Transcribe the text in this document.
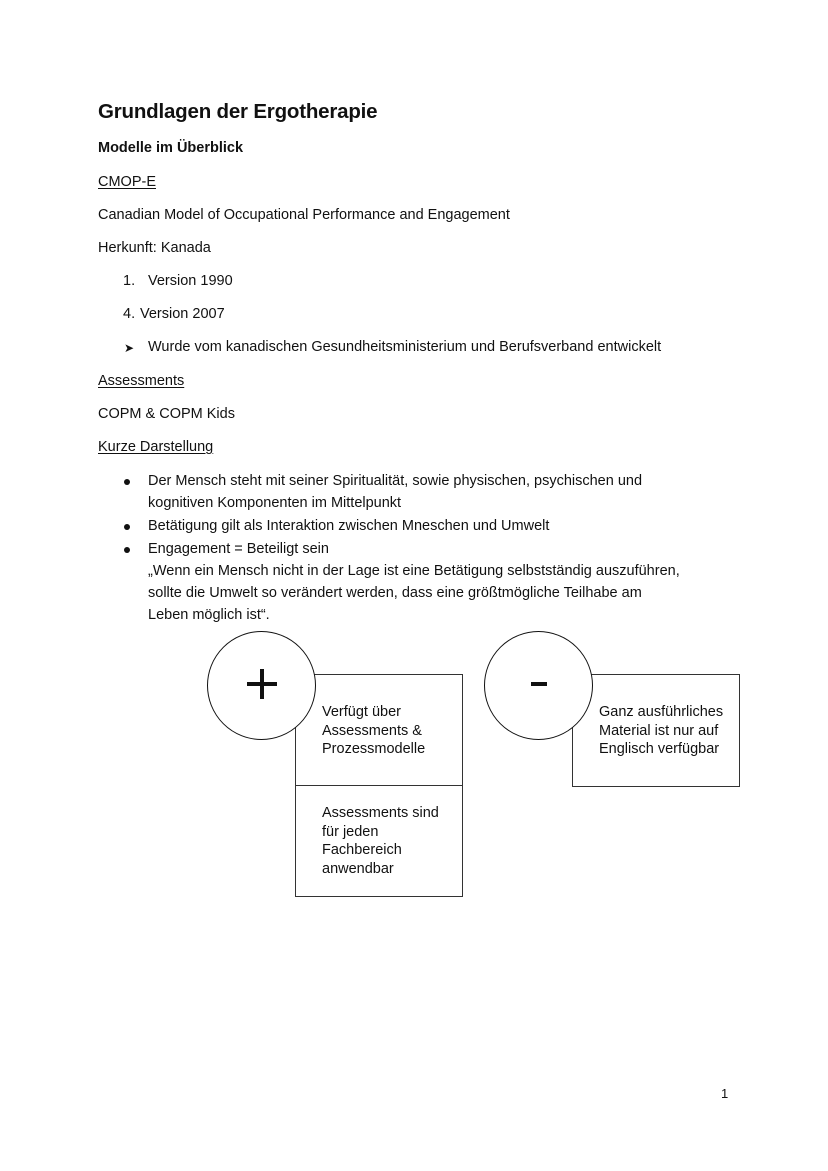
Grundlagen der Ergotherapie
Modelle im Überblick
CMOP-E
Canadian Model of Occupational Performance and Engagement
Herkunft: Kanada
1. Version 1990
4. Version 2007
➤ Wurde vom kanadischen Gesundheitsministerium und Berufsverband entwickelt
Assessments
COPM & COPM Kids
Kurze Darstellung
Der Mensch steht mit seiner Spiritualität, sowie physischen, psychischen und
kognitiven Komponenten im Mittelpunkt
Betätigung gilt als Interaktion zwischen Mneschen und Umwelt
Engagement = Beteiligt sein
„Wenn ein Mensch nicht in der Lage ist eine Betätigung selbstständig auszuführen,
sollte die Umwelt so verändert werden, dass eine größtmögliche Teilhabe am
Leben möglich ist“.
Verfügt über
Assessments &
Prozessmodelle
Assessments sind
für jeden
Fachbereich
anwendbar
Ganz ausführliches
Material ist nur auf
Englisch verfügbar
1
